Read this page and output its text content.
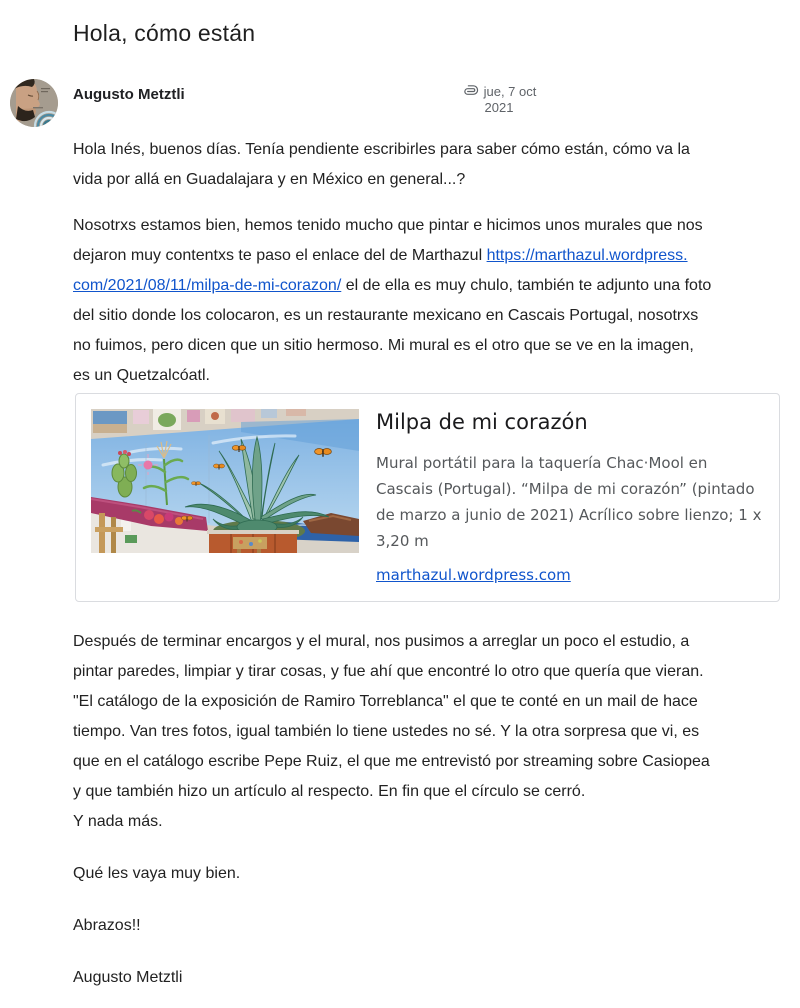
Hola, cómo están
Augusto Metztli	jue, 7 oct
2021
Hola Inés, buenos días. Tenía pendiente escribirles para saber cómo están, cómo va la
vida por allá en Guadalajara y en México en general...?
Nosotrxs estamos bien, hemos tenido mucho que pintar e hicimos unos murales que nos
dejaron muy contentxs te paso el enlace del de Marthazul https://marthazul.wordpress.
com/2021/08/11/milpa-de-mi-corazon/ el de ella es muy chulo, también te adjunto una foto
del sitio donde los colocaron, es un restaurante mexicano en Cascais Portugal, nosotrxs
no fuimos, pero dicen que un sitio hermoso. Mi mural es el otro que se ve en la imagen,
es un Quetzalcóatl.
Milpa de mi corazón
Mural portátil para la taquería Chac·Mool en
Cascais (Portugal). “Milpa de mi corazón” (pintado
de marzo a junio de 2021) Acrílico sobre lienzo; 1 x
3,20 m
marthazul.wordpress.com
Después de terminar encargos y el mural, nos pusimos a arreglar un poco el estudio, a
pintar paredes, limpiar y tirar cosas, y fue ahí que encontré lo otro que quería que vieran.
"El catálogo de la exposición de Ramiro Torreblanca" el que te conté en un mail de hace
tiempo. Van tres fotos, igual también lo tiene ustedes no sé. Y la otra sorpresa que vi, es
que en el catálogo escribe Pepe Ruiz, el que me entrevistó por streaming sobre Casiopea
y que también hizo un artículo al respecto. En fin que el círculo se cerró.
Y nada más.
Qué les vaya muy bien.
Abrazos!!
Augusto Metztli
